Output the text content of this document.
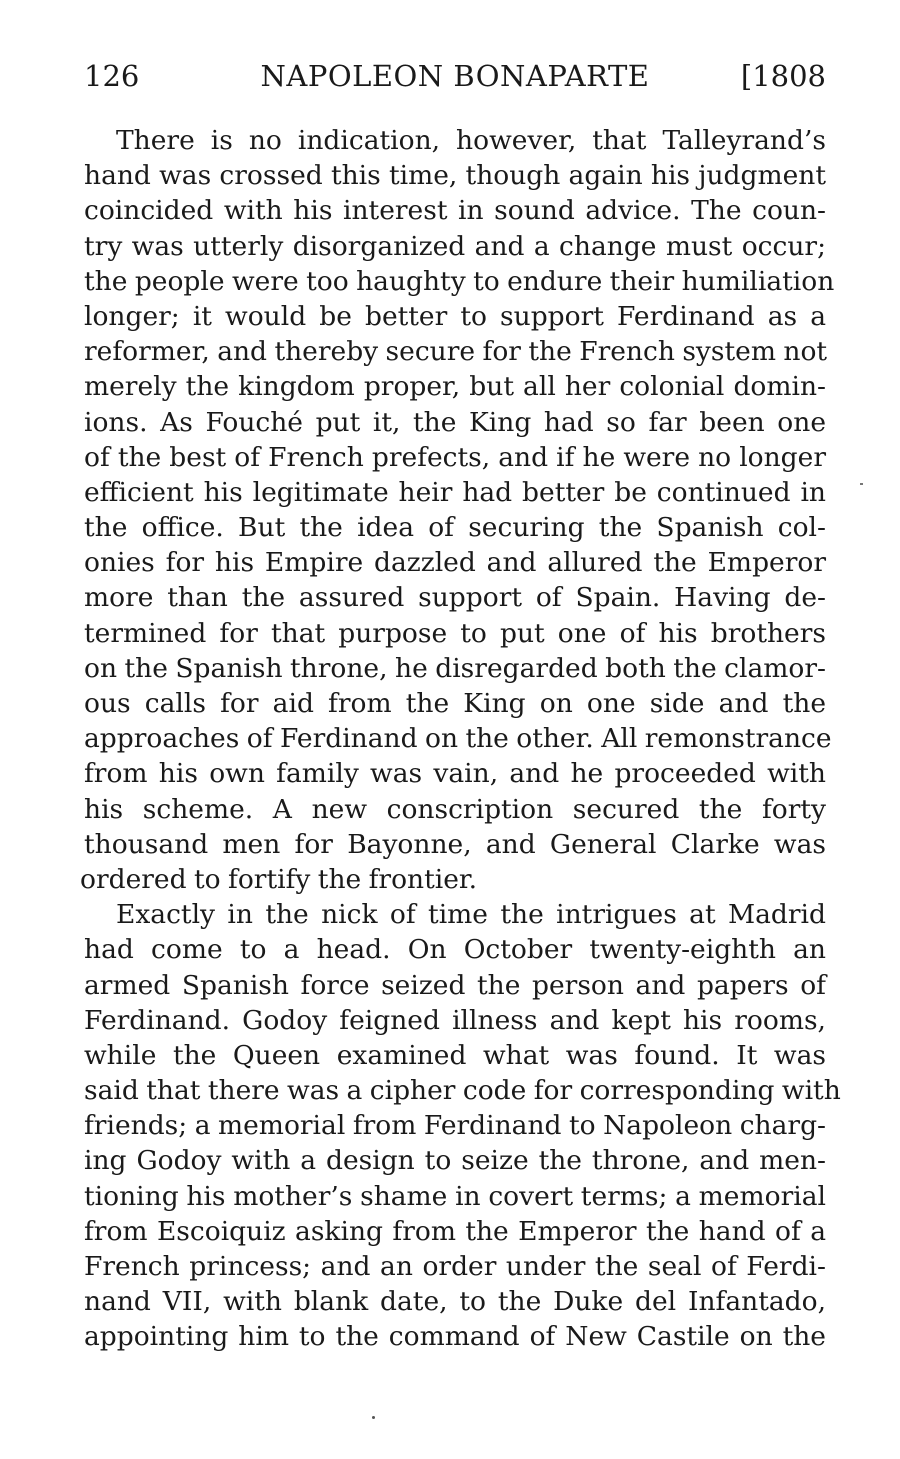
126	NAPOLEON BONAPARTE	[1808
There is no indication, however, that Talleyrand’s
hand was crossed this time, though again his judgment
coincided with his interest in sound advice. The coun-
try was utterly disorganized and a change must occur;
the people were too haughty to endure their humiliation
longer; it would be better to support Ferdinand as a
reformer, and thereby secure for the French system not
merely the kingdom proper, but all her colonial domin-
ions. As Fouché put it, the King had so far been one
of the best of French prefects, and if he were no longer
efficient his legitimate heir had better be continued in
the office. But the idea of securing the Spanish col-
onies for his Empire dazzled and allured the Emperor
more than the assured support of Spain. Having de-
termined for that purpose to put one of his brothers
on the Spanish throne, he disregarded both the clamor-
ous calls for aid from the King on one side and the
approaches of Ferdinand on the other. All remonstrance
from his own family was vain, and he proceeded with
his scheme. A new conscription secured the forty
thousand men for Bayonne, and General Clarke was
ordered to fortify the frontier.
Exactly in the nick of time the intrigues at Madrid
had come to a head. On October twenty-eighth an
armed Spanish force seized the person and papers of
Ferdinand. Godoy feigned illness and kept his rooms,
while the Queen examined what was found. It was
said that there was a cipher code for corresponding with
friends; a memorial from Ferdinand to Napoleon charg-
ing Godoy with a design to seize the throne, and men-
tioning his mother’s shame in covert terms; a memorial
from Escoiquiz asking from the Emperor the hand of a
French princess; and an order under the seal of Ferdi-
nand VII, with blank date, to the Duke del Infantado,
appointing him to the command of New Castile on the
